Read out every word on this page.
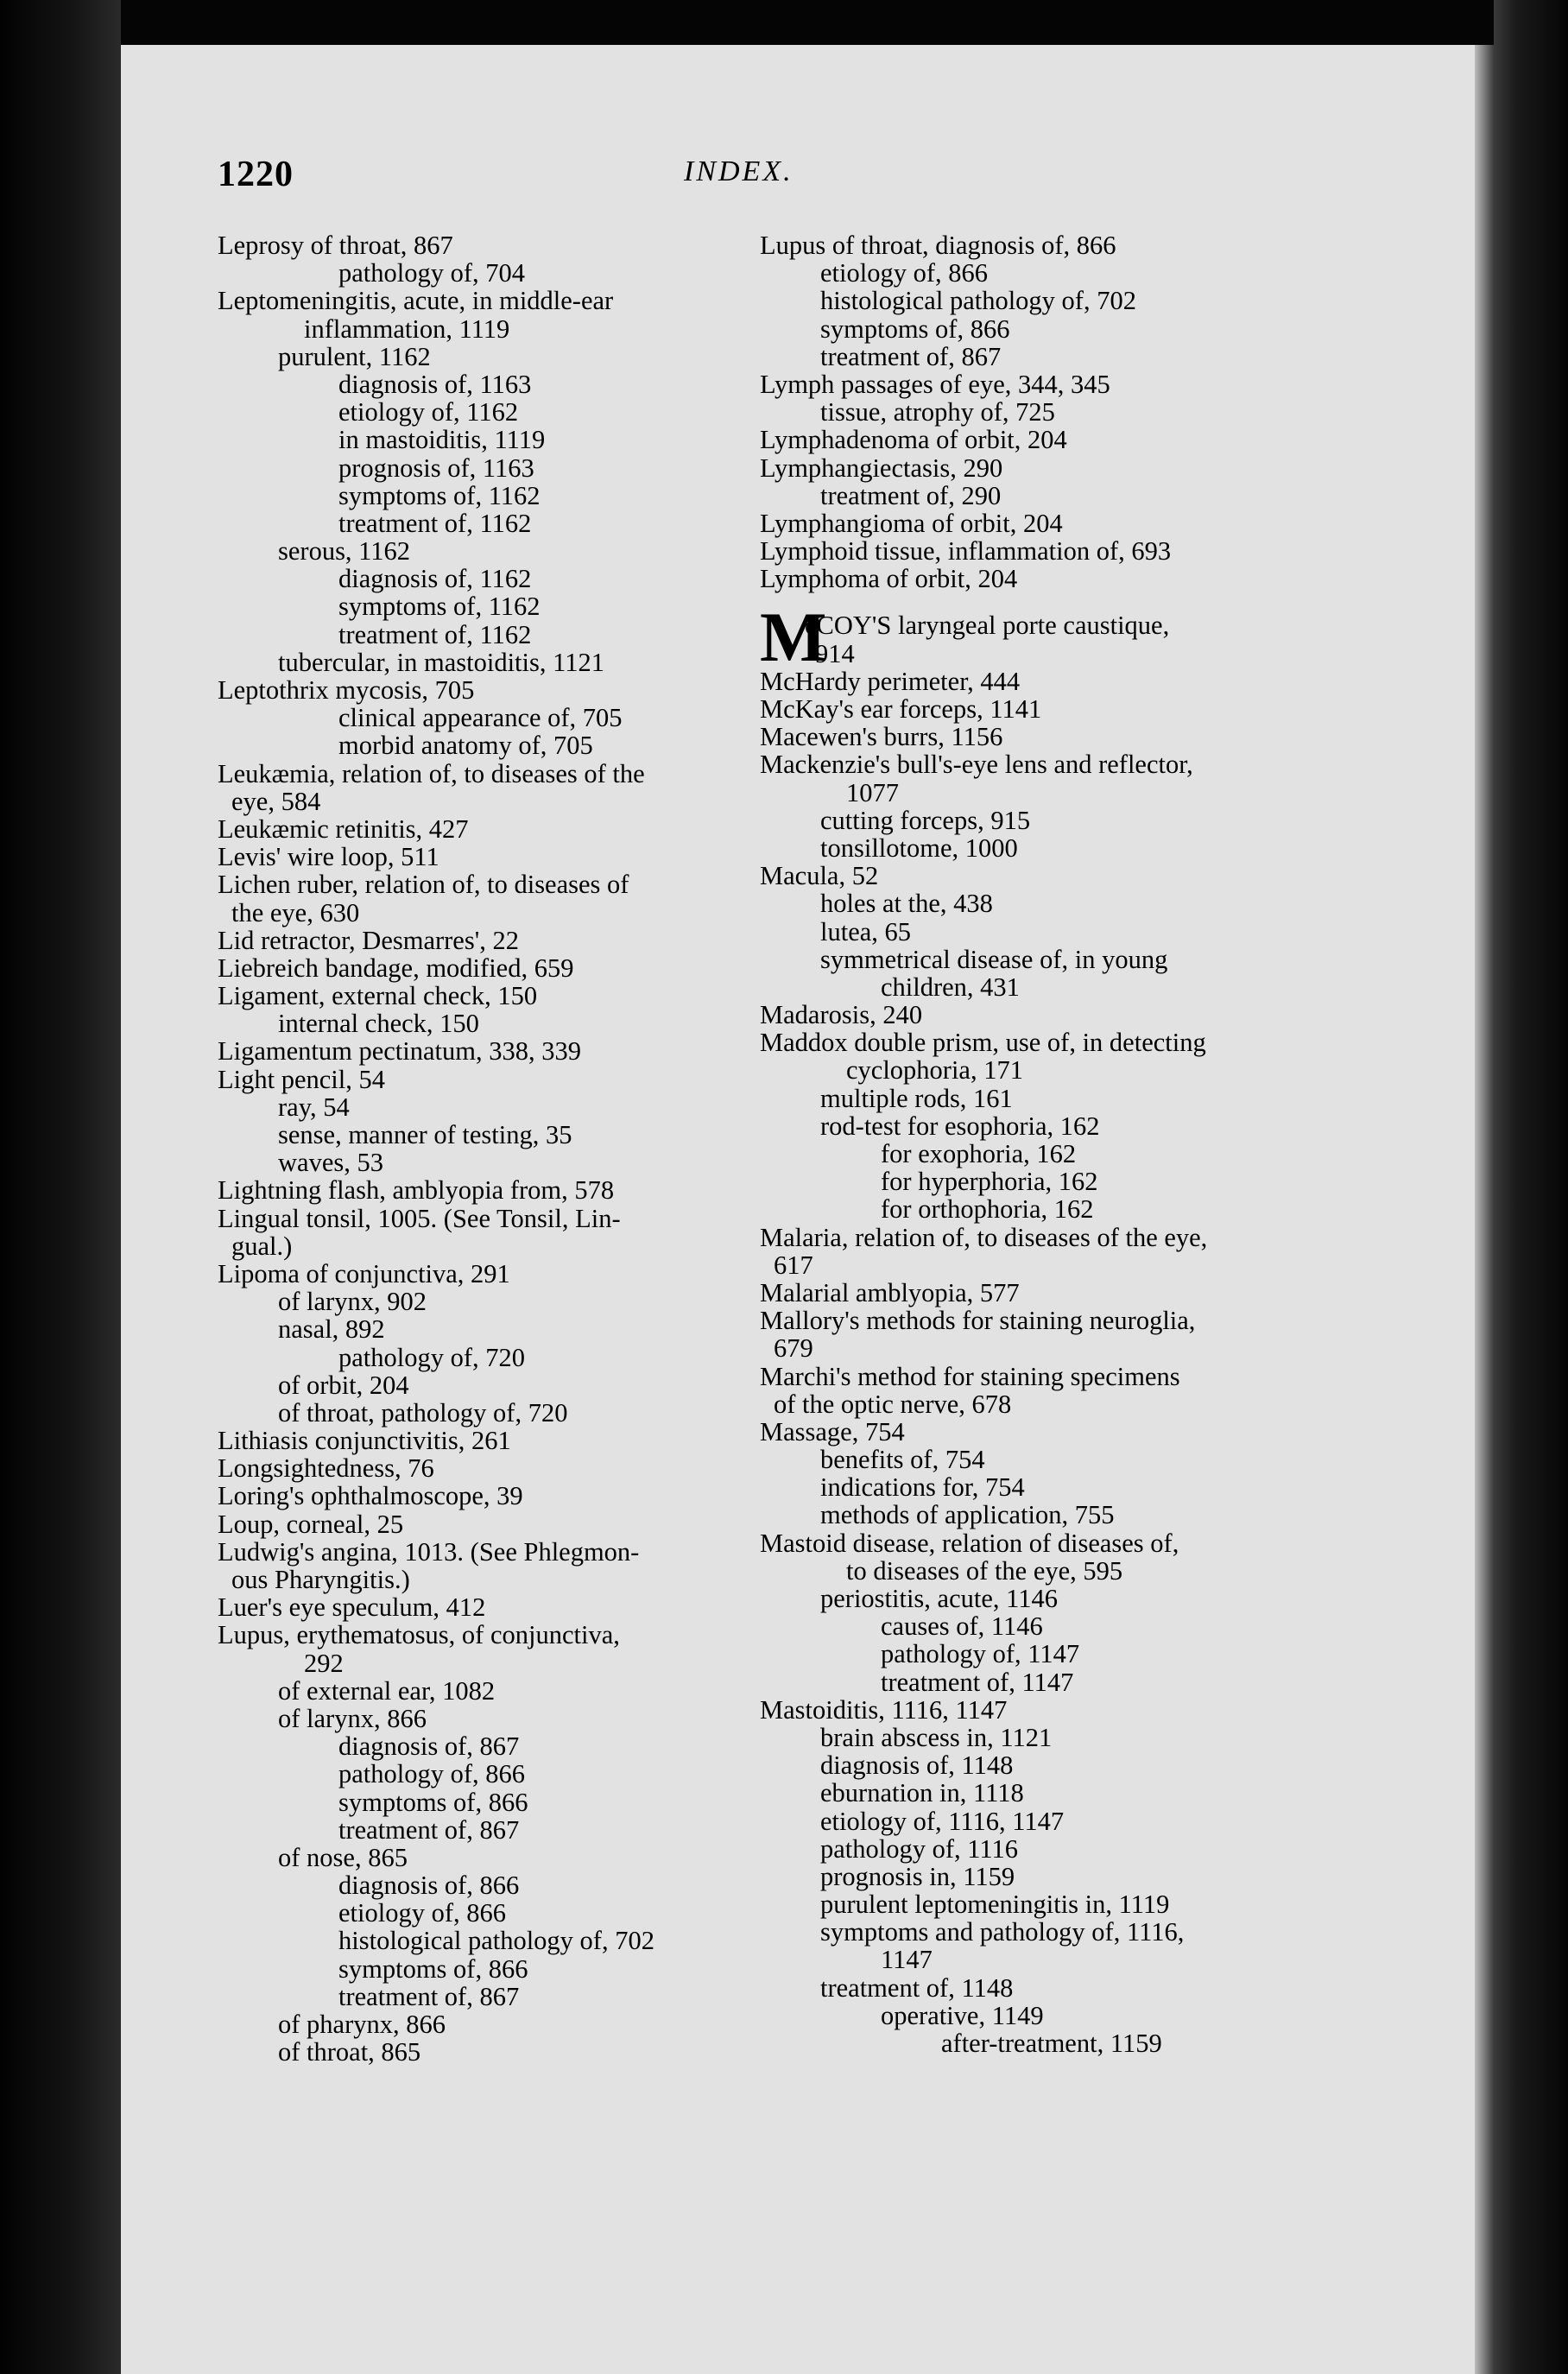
1220	INDEX.
Leprosy of throat, 867
pathology of, 704
Leptomeningitis, acute, in middle-ear
inflammation, 1119
purulent, 1162
diagnosis of, 1163
etiology of, 1162
in mastoiditis, 1119
prognosis of, 1163
symptoms of, 1162
treatment of, 1162
serous, 1162
diagnosis of, 1162
symptoms of, 1162
treatment of, 1162
tubercular, in mastoiditis, 1121
Leptothrix mycosis, 705
clinical appearance of, 705
morbid anatomy of, 705
Leukæmia, relation of, to diseases of the
eye, 584
Leukæmic retinitis, 427
Levis' wire loop, 511
Lichen ruber, relation of, to diseases of
the eye, 630
Lid retractor, Desmarres', 22
Liebreich bandage, modified, 659
Ligament, external check, 150
internal check, 150
Ligamentum pectinatum, 338, 339
Light pencil, 54
ray, 54
sense, manner of testing, 35
waves, 53
Lightning flash, amblyopia from, 578
Lingual tonsil, 1005. (See Tonsil, Lin-
gual.)
Lipoma of conjunctiva, 291
of larynx, 902
nasal, 892
pathology of, 720
of orbit, 204
of throat, pathology of, 720
Lithiasis conjunctivitis, 261
Longsightedness, 76
Loring's ophthalmoscope, 39
Loup, corneal, 25
Ludwig's angina, 1013. (See Phlegmon-
ous Pharyngitis.)
Luer's eye speculum, 412
Lupus, erythematosus, of conjunctiva,
292
of external ear, 1082
of larynx, 866
diagnosis of, 867
pathology of, 866
symptoms of, 866
treatment of, 867
of nose, 865
diagnosis of, 866
etiology of, 866
histological pathology of, 702
symptoms of, 866
treatment of, 867
of pharynx, 866
of throat, 865
Lupus of throat, diagnosis of, 866
etiology of, 866
histological pathology of, 702
symptoms of, 866
treatment of, 867
Lymph passages of eye, 344, 345
tissue, atrophy of, 725
Lymphadenoma of orbit, 204
Lymphangiectasis, 290
treatment of, 290
Lymphangioma of orbit, 204
Lymphoid tissue, inflammation of, 693
Lymphoma of orbit, 204
M
cCOY'S laryngeal porte caustique,
914
McHardy perimeter, 444
McKay's ear forceps, 1141
Macewen's burrs, 1156
Mackenzie's bull's-eye lens and reflector,
1077
cutting forceps, 915
tonsillotome, 1000
Macula, 52
holes at the, 438
lutea, 65
symmetrical disease of, in young
children, 431
Madarosis, 240
Maddox double prism, use of, in detecting
cyclophoria, 171
multiple rods, 161
rod-test for esophoria, 162
for exophoria, 162
for hyperphoria, 162
for orthophoria, 162
Malaria, relation of, to diseases of the eye,
617
Malarial amblyopia, 577
Mallory's methods for staining neuroglia,
679
Marchi's method for staining specimens
of the optic nerve, 678
Massage, 754
benefits of, 754
indications for, 754
methods of application, 755
Mastoid disease, relation of diseases of,
to diseases of the eye, 595
periostitis, acute, 1146
causes of, 1146
pathology of, 1147
treatment of, 1147
Mastoiditis, 1116, 1147
brain abscess in, 1121
diagnosis of, 1148
eburnation in, 1118
etiology of, 1116, 1147
pathology of, 1116
prognosis in, 1159
purulent leptomeningitis in, 1119
symptoms and pathology of, 1116,
1147
treatment of, 1148
operative, 1149
after-treatment, 1159
